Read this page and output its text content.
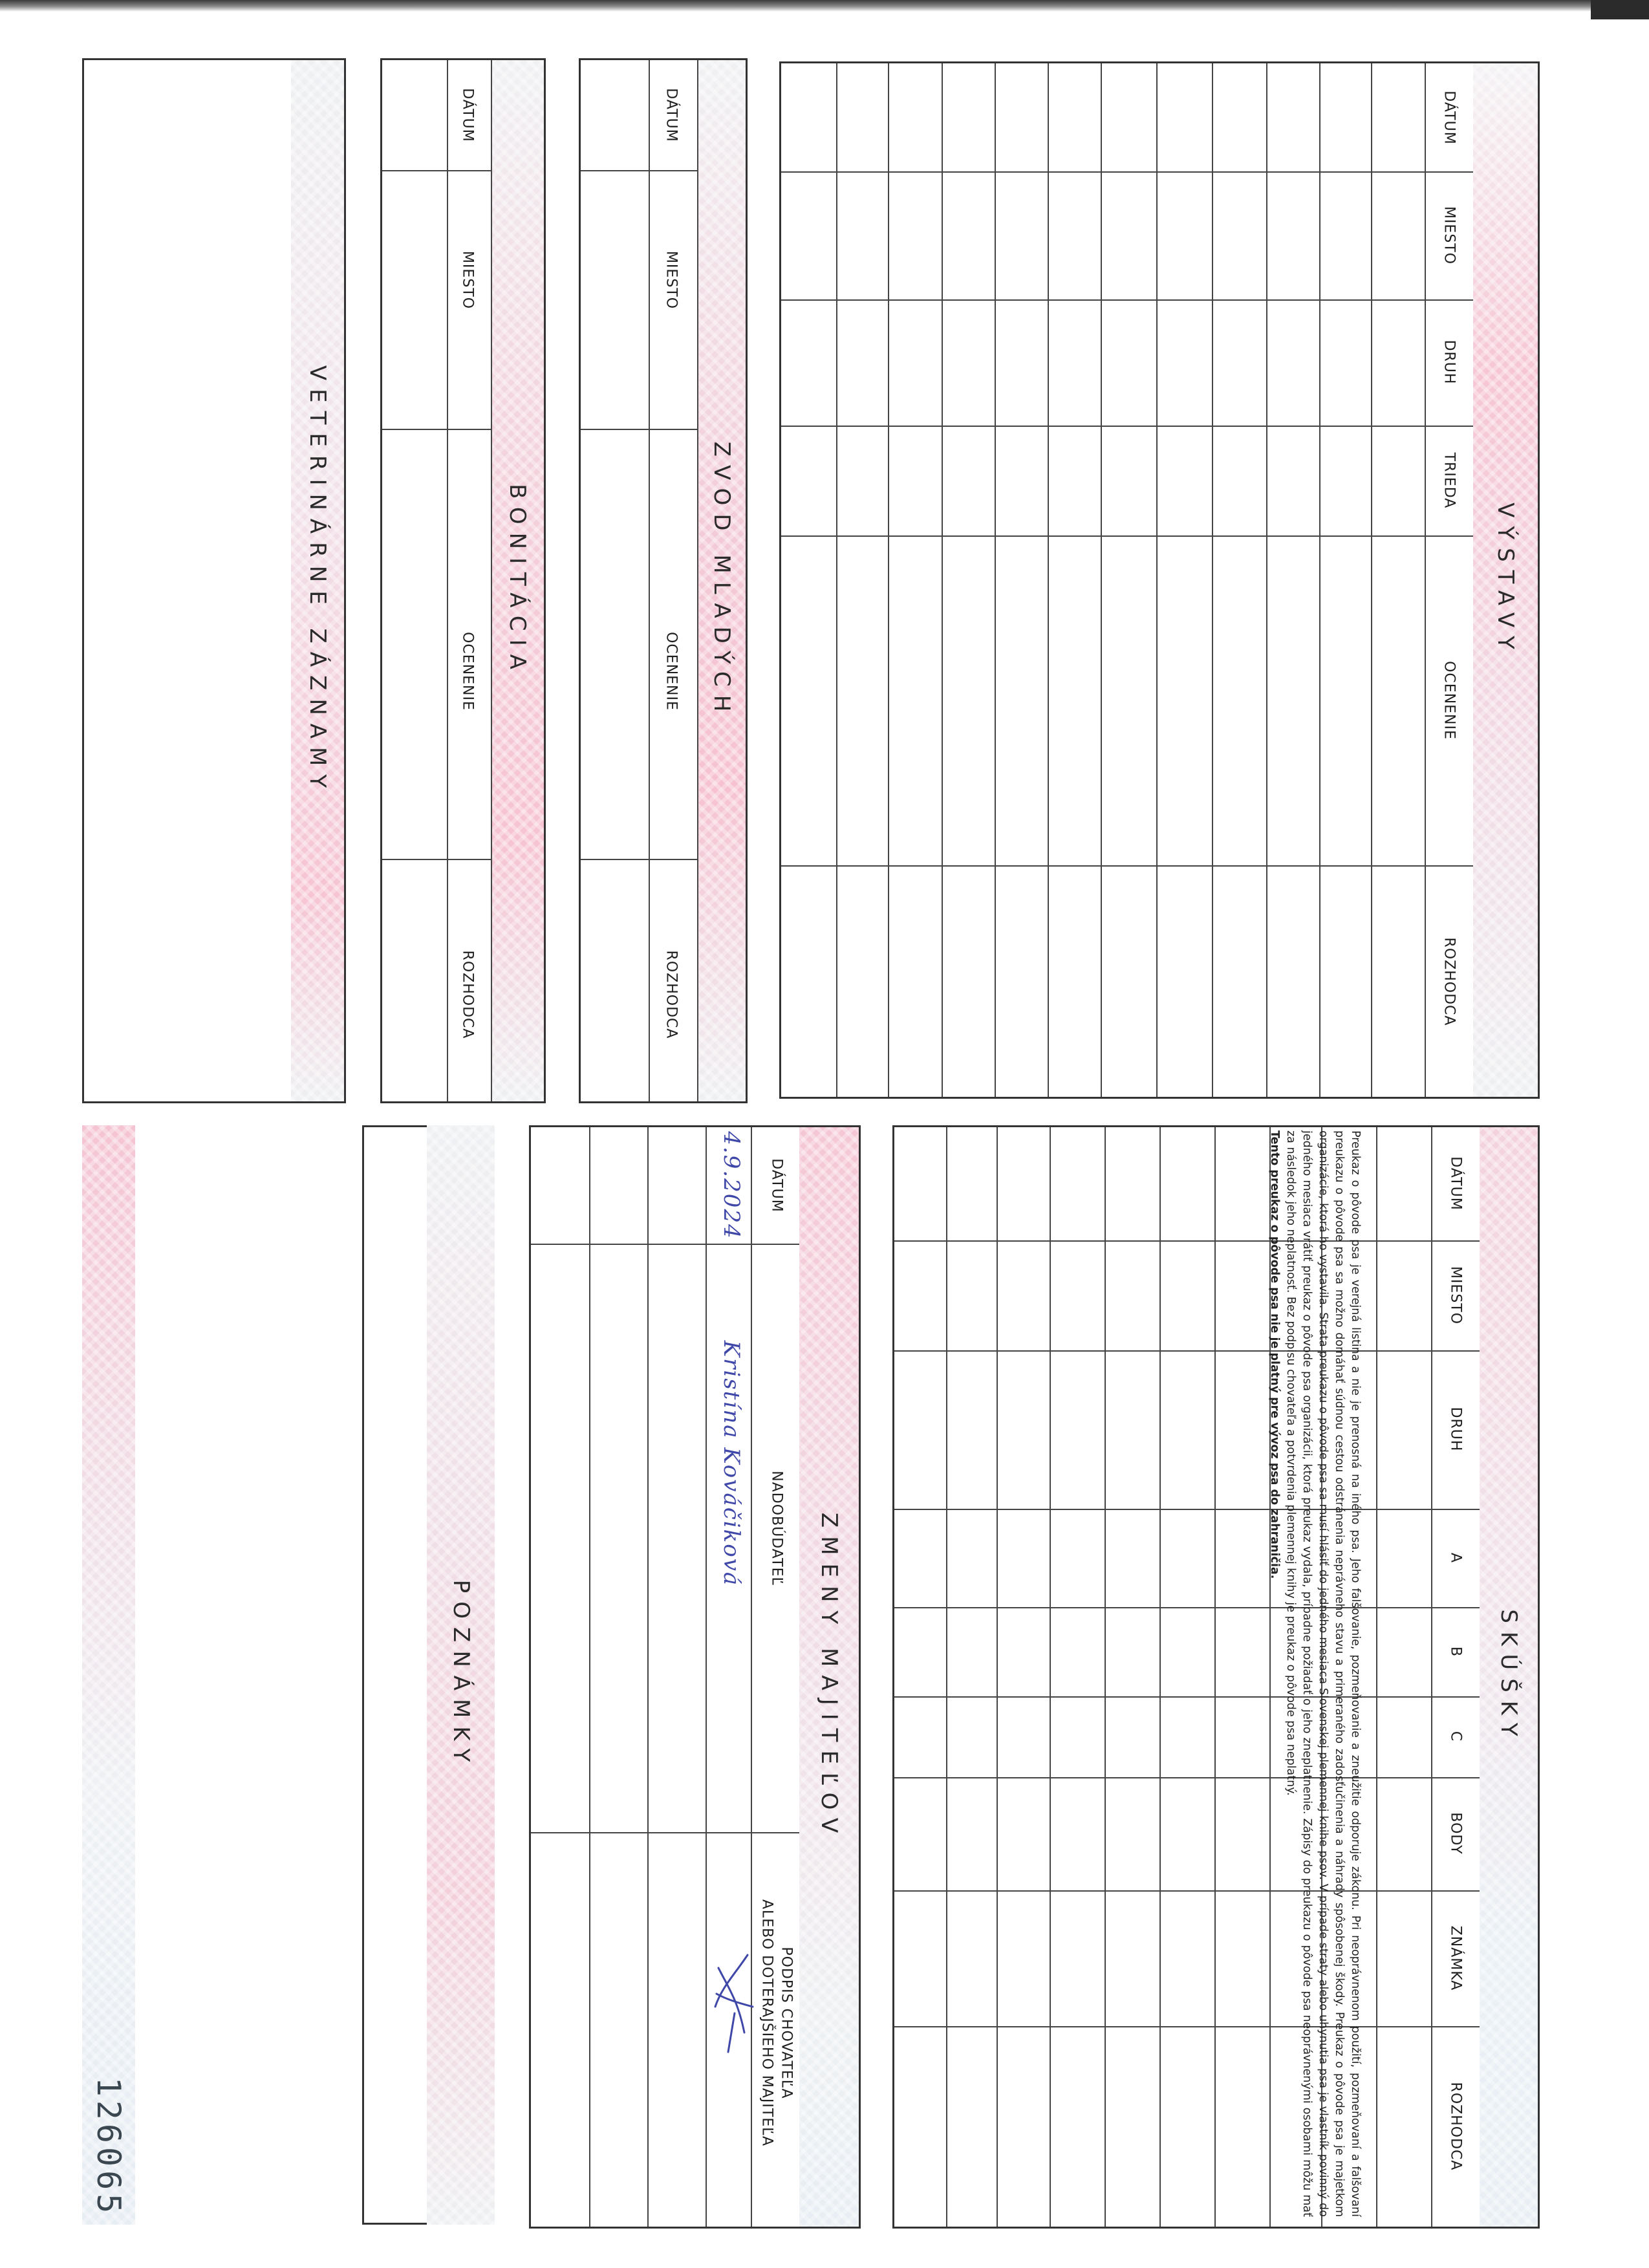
VÝSTAVY
DÁTUM
MIESTO
DRUH
TRIEDA
OCENENIE
ROZHODCA
ZVOD MLADÝCH
DÁTUM
MIESTO
OCENENIE
ROZHODCA
BONITÁCIA
DÁTUM
MIESTO
OCENENIE
ROZHODCA
VETERINÁRNE ZÁZNAMY
SKÚŠKY
DÁTUM
MIESTO
DRUH
A
B
C
BODY
ZNÁMKA
ROZHODCA
ZMENY MAJITEĽOV
DÁTUM
NADOBÚDATEĽ
PODPIS CHOVATEĽA
ALEBO DOTERAJŠIEHO MAJITEĽA
4.9.2024
Kristína Kováčiková
POZNÁMKY	Preukaz o pôvode psa je verejná listina a nie je prenosná na iného psa. Jeho falšovanie, pozmeňovanie a zneužitie odporuje zákonu. Pri neoprávnenom použití, pozmeňovaní a falšovaní preukazu o pôvode psa sa možno domáhať súdnou cestou odstránenia neprávneho stavu a primeraného zadosťučinenia a náhrady spôsobenej škody. Preukaz o pôvode psa je majetkom organizácie, ktorá ho vystavila. Strata preukazu o pôvode psa sa musí hlásiť do jedného mesiaca Slovenskej plemennej knihe psov. V prípade straty alebo uhynutia psa je vlastník povinný do jedného mesiaca vrátiť preukaz o pôvode psa organizácii, ktorá preukaz vydala, prípadne požiadať o jeho zneplatnenie. Zápisy do preukazu o pôvode psa neoprávnenými osobami môžu mať za následok jeho neplatnosť. Bez podpisu chovateľa a potvrdenia plemennej knihy je preukaz o pôvode psa neplatný.
Tento preukaz o pôvode psa nie je platný pre vývoz psa do zahraničia.

126065
